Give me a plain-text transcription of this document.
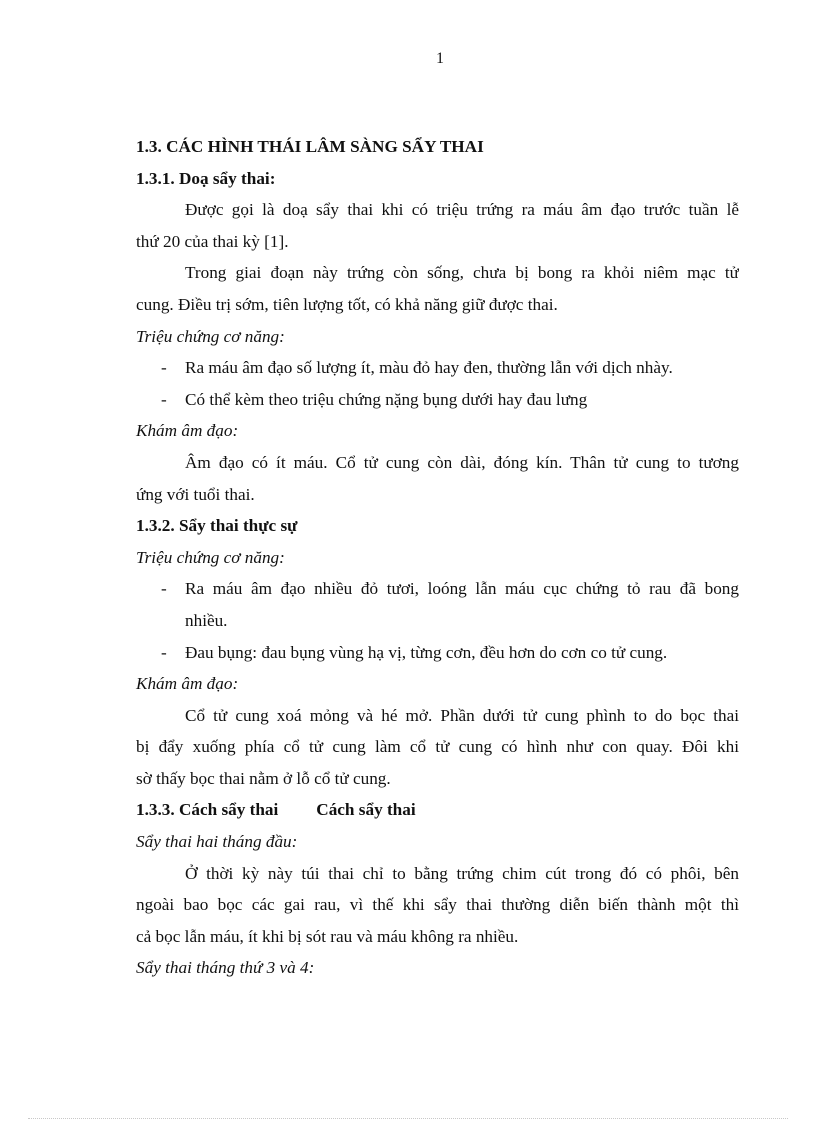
1
1.3. CÁC HÌNH THÁI LÂM SÀNG SẨY THAI
1.3.1. Doạ sẩy thai:
Được gọi là doạ sẩy thai khi có triệu trứng ra máu âm đạo trước tuần lễ
thứ 20 của thai kỳ [1].
Trong giai đoạn này trứng còn sống, chưa bị bong ra khỏi niêm mạc tử
cung. Điều trị sớm, tiên lượng tốt, có khả năng giữ được thai.
Triệu chứng cơ năng:
- Ra máu âm đạo số lượng ít, màu đỏ hay đen, thường lẫn với dịch nhày.
- Có thể kèm theo triệu chứng nặng bụng dưới hay đau lưng
Khám âm đạo:
Âm đạo có ít máu. Cổ tử cung còn dài, đóng kín. Thân tử cung to tương
ứng với tuổi thai.
1.3.2. Sẩy thai thực sự
Triệu chứng cơ năng:
- Ra máu âm đạo nhiều đỏ tươi, loóng lẫn máu cục chứng tỏ rau đã bong
nhiều.
- Đau bụng: đau bụng vùng hạ vị, từng cơn, đều hơn do cơn co tử cung.
Khám âm đạo:
Cổ tử cung xoá mỏng và hé mở. Phần dưới tử cung phình to do bọc thai
bị đẩy xuống phía cổ tử cung làm cổ tử cung có hình như con quay. Đôi khi
sờ thấy bọc thai nằm ở lỗ cổ tử cung.
1.3.3. Cách sẩy thai Cách sẩy thai
Sẩy thai hai tháng đầu:
Ở thời kỳ này túi thai chỉ to bằng trứng chim cút trong đó có phôi, bên
ngoài bao bọc các gai rau, vì thế khi sẩy thai thường diễn biến thành một thì
cả bọc lẫn máu, ít khi bị sót rau và máu không ra nhiều.
Sẩy thai tháng thứ 3 và 4:
